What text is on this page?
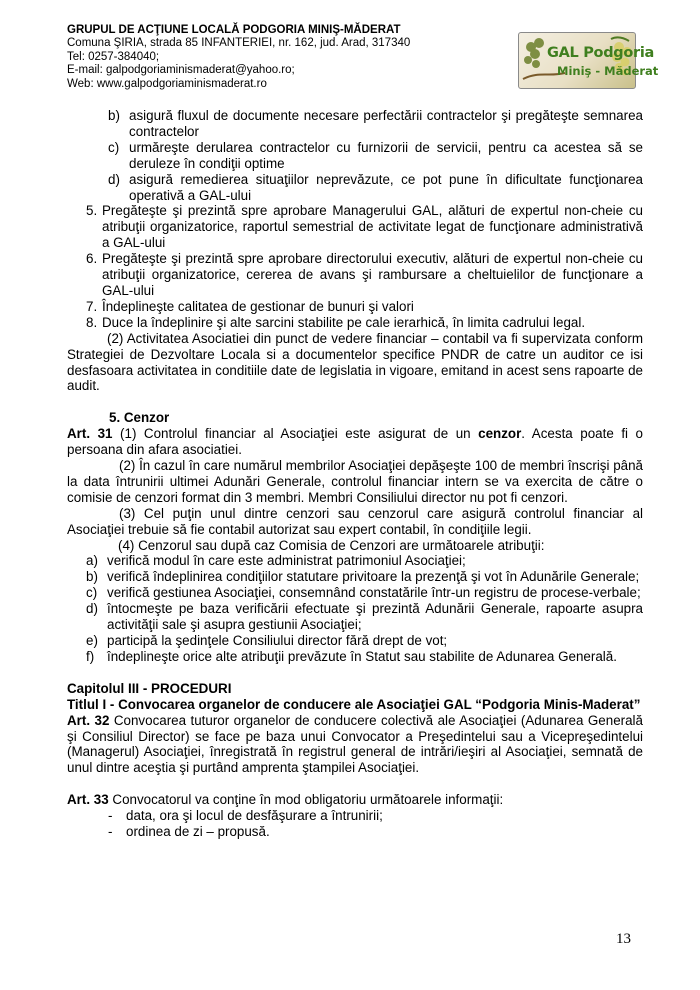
GRUPUL DE ACŢIUNE LOCALĂ PODGORIA MINIŞ-MĂDERAT
Comuna ŞIRIA, strada 85 INFANTERIEI, nr. 162, jud. Arad, 317340
Tel: 0257-384040;
E-mail: galpodgoriaminismaderat@yahoo.ro;
Web: www.galpodgoriaminismaderat.ro
GAL Podgoria
Miniş - Măderat
b) asigură fluxul de documente necesare perfectării contractelor şi pregăteşte semnarea contractelor
c) urmăreşte derularea contractelor cu furnizorii de servicii, pentru ca acestea să se deruleze în condiţii optime
d) asigură remedierea situaţiilor neprevăzute, ce pot pune în dificultate funcţionarea operativă a GAL-ului
5. Pregăteşte şi prezintă spre aprobare Managerului GAL, alături de expertul non-cheie cu atribuţii organizatorice, raportul semestrial de activitate legat de funcţionare administrativă a GAL-ului
6. Pregăteşte şi prezintă spre aprobare directorului executiv, alături de expertul non-cheie cu atribuţii organizatorice, cererea de avans şi rambursare a cheltuielilor de funcţionare a GAL-ului
7. Îndeplineşte calitatea de gestionar de bunuri şi valori
8. Duce la îndeplinire şi alte sarcini stabilite pe cale ierarhică, în limita cadrului legal.
(2) Activitatea Asociatiei din punct de vedere financiar – contabil va fi supervizata conform Strategiei de Dezvoltare Locala si a documentelor specifice PNDR de catre un auditor ce isi desfasoara activitatea in conditiile date de legislatia in vigoare, emitand in acest sens rapoarte de audit.
5. Cenzor
Art. 31 (1) Controlul financiar al Asociaţiei este asigurat de un cenzor. Acesta poate fi o persoana din afara asociatiei.
(2) În cazul în care numărul membrilor Asociaţiei depăşeşte 100 de membri înscrişi până la data întrunirii ultimei Adunări Generale, controlul financiar intern se va exercita de către o comisie de cenzori format din 3 membri. Membri Consiliului director nu pot fi cenzori.
(3) Cel puţin unul dintre cenzori sau cenzorul care asigură controlul financiar al Asociaţiei trebuie să fie contabil autorizat sau expert contabil, în condiţiile legii.
(4) Cenzorul sau după caz Comisia de Cenzori are următoarele atribuţii:
a) verifică modul în care este administrat patrimoniul Asociaţiei;
b) verifică îndeplinirea condiţiilor statutare privitoare la prezenţă şi vot în Adunările Generale;
c) verifică gestiunea Asociaţiei, consemnând constatările într-un registru de procese-verbale;
d) întocmeşte pe baza verificării efectuate şi prezintă Adunării Generale, rapoarte asupra activităţii sale şi asupra gestiunii Asociaţiei;
e) participă la şedinţele Consiliului director fără drept de vot;
f) îndeplineşte orice alte atribuţii prevăzute în Statut sau stabilite de Adunarea Generală.
Capitolul III - PROCEDURI
Titlul I - Convocarea organelor de conducere ale Asociaţiei GAL “Podgoria Minis-Maderat”
Art. 32 Convocarea tuturor organelor de conducere colectivă ale Asociaţiei (Adunarea Generală şi Consiliul Director) se face pe baza unui Convocator a Preşedintelui sau a Vicepreşedintelui (Managerul) Asociaţiei, înregistrată în registrul general de intrări/ieşiri al Asociaţiei, semnată de unul dintre aceştia şi purtând amprenta ştampilei Asociaţiei.
Art. 33 Convocatorul va conţine în mod obligatoriu următoarele informaţii:
- data, ora şi locul de desfăşurare a întrunirii;
- ordinea de zi – propusă.
13
